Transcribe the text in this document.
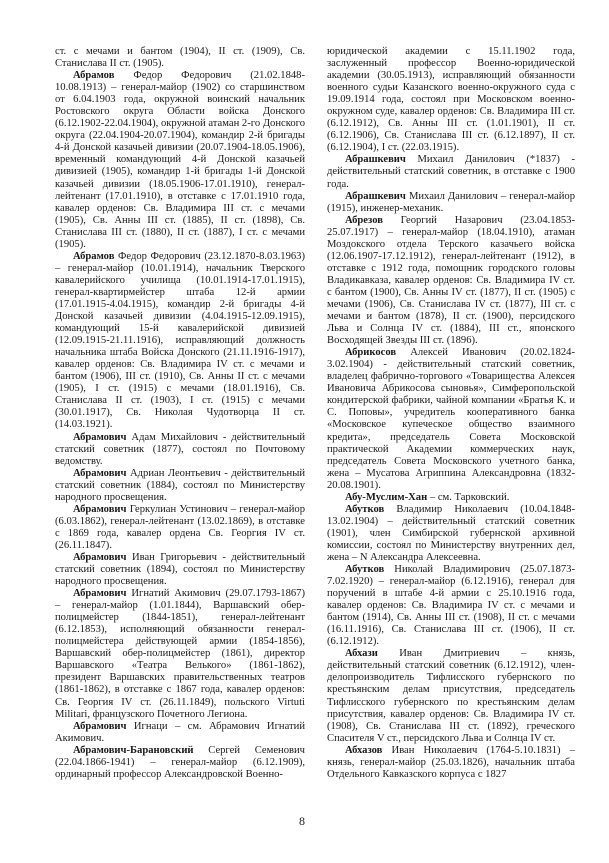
ст. с мечами и бантом (1904), II ст. (1909), Св. Станислава II ст. (1905).

Абрамов Федор Федорович (21.02.1848-10.08.1913) – генерал-майор (1902) со старшинством от 6.04.1903 года, окружной воинский начальник Ростовского округа Области войска Донского (6.12.1902-22.04.1904), окружной атаман 2-го Донского округа (22.04.1904-20.07.1904), командир 2-й бригады 4-й Донской казачьей дивизии (20.07.1904-18.05.1906), временный командующий 4-й Донской казачьей дивизией (1905), командир 1-й бригады 1-й Донской казачьей дивизии (18.05.1906-17.01.1910), генерал-лейтенант (17.01.1910), в отставке с 17.01.1910 года, кавалер орденов: Св. Владимира III ст. с мечами (1905), Св. Анны III ст. (1885), II ст. (1898), Св. Станислава III ст. (1880), II ст. (1887), I ст. с мечами (1905).

Абрамов Федор Федорович (23.12.1870-8.03.1963) – генерал-майор (10.01.1914), начальник Тверского кавалерийского училища (10.01.1914-17.01.1915), генерал-квартирмейстер штаба 12-й армии (17.01.1915-4.04.1915), командир 2-й бригады 4-й Донской казачьей дивизии (4.04.1915-12.09.1915), командующий 15-й кавалерийской дивизией (12.09.1915-21.11.1916), исправляющий должность начальника штаба Войска Донского (21.11.1916-1917), кавалер орденов: Св. Владимира IV ст. с мечами и бантом (1906), III ст. (1910), Св. Анны II ст. с мечами (1905), I ст. (1915) с мечами (18.01.1916), Св. Станислава II ст. (1903), I ст. (1915) с мечами (30.01.1917), Св. Николая Чудотворца II ст. (14.03.1921).

Абрамович Адам Михайлович - действительный статский советник (1877), состоял по Почтовому ведомству.

Абрамович Адриан Леонтьевич - действительный статский советник (1884), состоял по Министерству народного просвещения.

Абрамович Геркулиан Устинович – генерал-майор (6.03.1862), генерал-лейтенант (13.02.1869), в отставке с 1869 года, кавалер ордена Св. Георгия IV ст. (26.11.1847).

Абрамович Иван Григорьевич - действительный статский советник (1894), состоял по Министерству народного просвещения.

Абрамович Игнатий Акимович (29.07.1793-1867) – генерал-майор (1.01.1844), Варшавский обер-полицмейстер (1844-1851), генерал-лейтенант (6.12.1853), исполняющий обязанности генерал-полицмейстера действующей армии (1854-1856), Варшавский обер-полицмейстер (1861), директор Варшавского «Театра Велького» (1861-1862), президент Варшавских правительственных театров (1861-1862), в отставке с 1867 года, кавалер орденов: Св. Георгия IV ст. (26.11.1849), польского Virtuti Militari, французского Почетного Легиона.

Абрамович Игнаци – см. Абрамович Игнатий Акимович.

Абрамович-Барановский Сергей Семенович (22.04.1866-1941) – генерал-майор (6.12.1909), ординарный профессор Александровской Военно-

юридической академии с 15.11.1902 года, заслуженный профессор Военно-юридической академии (30.05.1913), исправляющий обязанности военного судьи Казанского военно-окружного суда с 19.09.1914 года, состоял при Московском военно-окружном суде, кавалер орденов: Св. Владимира III ст. (6.12.1912), Св. Анны III ст. (1.01.1901), II ст. (6.12.1906), Св. Станислава III ст. (6.12.1897), II ст. (6.12.1904), I ст. (22.03.1915).

Абрашкевич Михаил Данилович (*1837) - действительный статский советник, в отставке с 1900 года.

Абрашкевич Михаил Данилович – генерал-майор (1915), инженер-механик.

Абрезов Георгий Назарович (23.04.1853-25.07.1917) – генерал-майор (18.04.1910), атаман Моздокского отдела Терского казачьего войска (12.06.1907-17.12.1912), генерал-лейтенант (1912), в отставке с 1912 года, помощник городского головы Владикавказа, кавалер орденов: Св. Владимира IV ст. с бантом (1900), Св. Анны IV ст. (1877), II ст. (1905) с мечами (1906), Св. Станислава IV ст. (1877), III ст. с мечами и бантом (1878), II ст. (1900), персидского Льва и Солнца IV ст. (1884), III ст., японского Восходящей Звезды III ст. (1896).

Абрикосов Алексей Иванович (20.02.1824-3.02.1904) - действительный статский советник, владелец фабрично-торгового «Товарищества Алексея Ивановича Абрикосова сыновья», Симферопольской кондитерской фабрики, чайной компании «Братья К. и С. Поповы», учредитель кооперативного банка «Московское купеческое общество взаимного кредита», председатель Совета Московской практической Академии коммерческих наук, председатель Совета Московского учетного банка, жена – Мусатова Агриппина Александровна (1832-20.08.1901).

Абу-Муслим-Хан – см. Тарковский.

Абутков Владимир Николаевич (10.04.1848-13.02.1904) – действительный статский советник (1901), член Симбирской губернской архивной комиссии, состоял по Министерству внутренних дел, жена – N Александра Алексеевна.

Абутков Николай Владимирович (25.07.1873-7.02.1920) – генерал-майор (6.12.1916), генерал для поручений в штабе 4-й армии с 25.10.1916 года, кавалер орденов: Св. Владимира IV ст. с мечами и бантом (1914), Св. Анны III ст. (1908), II ст. с мечами (16.11.1916), Св. Станислава III ст. (1906), II ст. (6.12.1912).

Абхази Иван Дмитриевич – князь, действительный статский советник (6.12.1912), член-делопроизводитель Тифлисского губернского по крестьянским делам присутствия, председатель Тифлисского губернского по крестьянским делам присутствия, кавалер орденов: Св. Владимира IV ст. (1908), Св. Станислава III ст. (1892), греческого Спасителя V ст., персидского Льва и Солнца IV ст.

Абхазов Иван Николаевич (1764-5.10.1831) – князь, генерал-майор (25.03.1826), начальник штаба Отдельного Кавказского корпуса с 1827

8
